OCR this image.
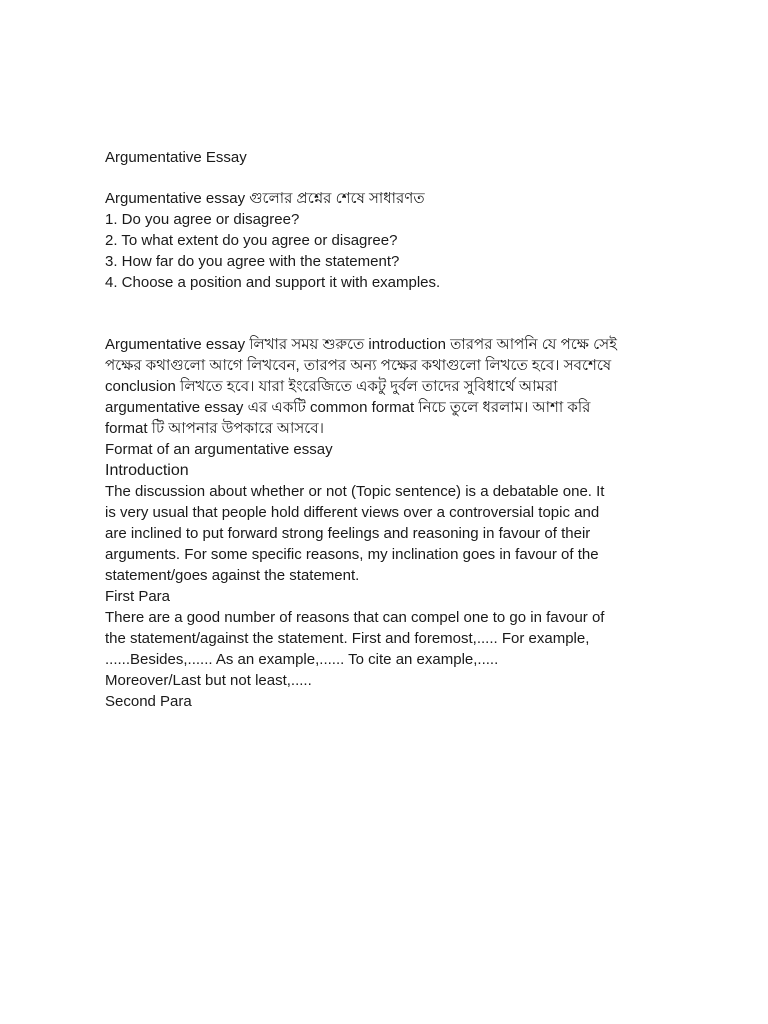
Argumentative Essay
Argumentative essay গুলোর প্রশ্নের শেষে সাধারণত
1. Do you agree or disagree?
2. To what extent do you agree or disagree?
3. How far do you agree with the statement?
4. Choose a position and support it with examples.
Argumentative essay লিখার সময় শুরুতে introduction তারপর আপনি যে পক্ষে সেই
পক্ষের কথাগুলো আগে লিখবেন, তারপর অন্য পক্ষের কথাগুলো লিখতে হবে। সবশেষে
conclusion লিখতে হবে। যারা ইংরেজিতে একটু দুর্বল তাদের সুবিধার্থে আমরা
argumentative essay এর একটি common format নিচে তুলে ধরলাম। আশা করি
format টি আপনার উপকারে আসবে।
Format of an argumentative essay
Introduction

The discussion about whether or not (Topic sentence) is a debatable one. It
is very usual that people hold different views over a controversial topic and
are inclined to put forward strong feelings and reasoning in favour of their
arguments. For some specific reasons, my inclination goes in favour of the
statement/goes against the statement.

First Para

There are a good number of reasons that can compel one to go in favour of
the statement/against the statement. First and foremost,..... For example,
......Besides,...... As an example,...... To cite an example,.....
Moreover/Last but not least,.....

Second Para
